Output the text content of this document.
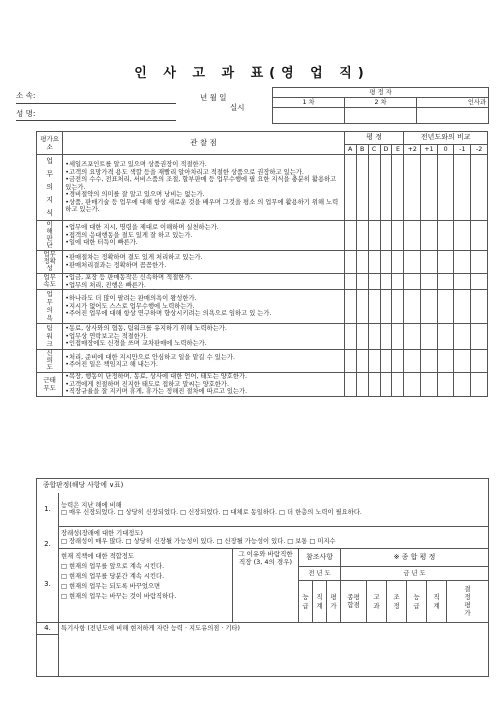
인 사 고 과 표(영 업 직)
소 속:
성 명:
년 월 일
실시
평 정 자		
1 차	2 차	인사과

평가요소	관 찰 점	평 정					전년도와의 비교				
		A	B	C	D	E	+2	+1	0	-1	-2
업무의지식	•세일즈포인트를 알고 있으며 상품권장이 적절한가.
•고객의 요망가격 용도 색깔 등을 재빨리 알아차리고 적절한 상품으로 권장하고 있는가.
•금전의 수수, 전표처리, 서비스품의 조절, 할부판매 등 업무수행에 필 요한 지식을 충분히 활용하고 있는가.
•경비절약의 의미를 잘 알고 있으며 낭비는 없는가.
•상품, 판매기술 등 업무에 대해 항상 새로운 것을 배우며 그것을 평소 의 업무에 활용하기 위해 노력하고 있는가.										

이해판단	•업무에 대한 지시, 명령을 제대로 이해하며 실천하는가.
•접객의 응대행동을 절도 있게 잘 하고 있는가.
•일에 대한 터득이 빠른가.										

업무정확성	•판매절차는 정확하며 결도 있게 처리하고 있는가.
•판매처리결과는 정확하며 꼼꼼한가.										

업무속도	•입금, 포장 등 판매동작은 신속하며 적절한가.
•업무의 처리, 진행은 빠른가.										

업무의욕	•하나라도 더 많이 팔려는 판매의욕이 왕성한가.
•지시가 없어도 스스로 업무수행에 노력하는가.
•주어진 업무에 대해 항상 연구하며 향상시키려는 의욕으로 임하고 있 는가.										

팀워크	•동료, 상사와의 협동, 팀워크를 유지하기 위해 노력하는가.
•업무상 연락보고는 적절한가.
•인접매장에도 신경을 쓰며 교차판매에 노력하는가.										

신뢰도	•처리, 준비에 대한 지시만으로 안심하고 일을 맡길 수 있는가.
•주어진 일은 책임지고 해 내는가.										

근태무도	•복장, 행동이 단정하며, 동료, 상사에 대한 언어, 태도는 양호한가.
•고객에게 친절하며 진지한 태도로 접하고 말씨는 양호한가.
•직장규율을 잘 지키며 휴게, 휴가는 정해진 절차에 따르고 있는가.										

종합판정(해당 사항에 ∨표)											
1.	능력은 지난 해에 비해
□ 매우 신장되었다. □ 상당히 신장되었다. □ 신장되었다. □ 대체로 동일하다. □ 더 한층의 노력이 필요하다.										

2.	장래성(장래에 대한 기대정도)
□ 장래성이 매우 많다. □ 상당히 신장될 가능성이 있다. □ 신장될 가능성이 있다. □ 보통 □ 미지수										

3.	현재 직책에 대한 적합정도
□ 현재의 업무를 앞으로 계속 시킨다.
□ 현재의 업무를 당분간 계속 시킨다.
□ 현재의 업무는 되도록 바꾸었으면
□ 현재의 업무는 바꾸는 것이 바람직하다.	그 이유와 바람직한 직장 (3, 4의 경우)	참조사항			※ 종 합 평 정					
			전 년 도			금 년 도					
			능급	직계	평가	종평합점	고과	조정	능급	직계	결정평가
4.	특기사항 (전년도에 비해 현저하게 자란 능력 · 지도유의점 · 기타)										
